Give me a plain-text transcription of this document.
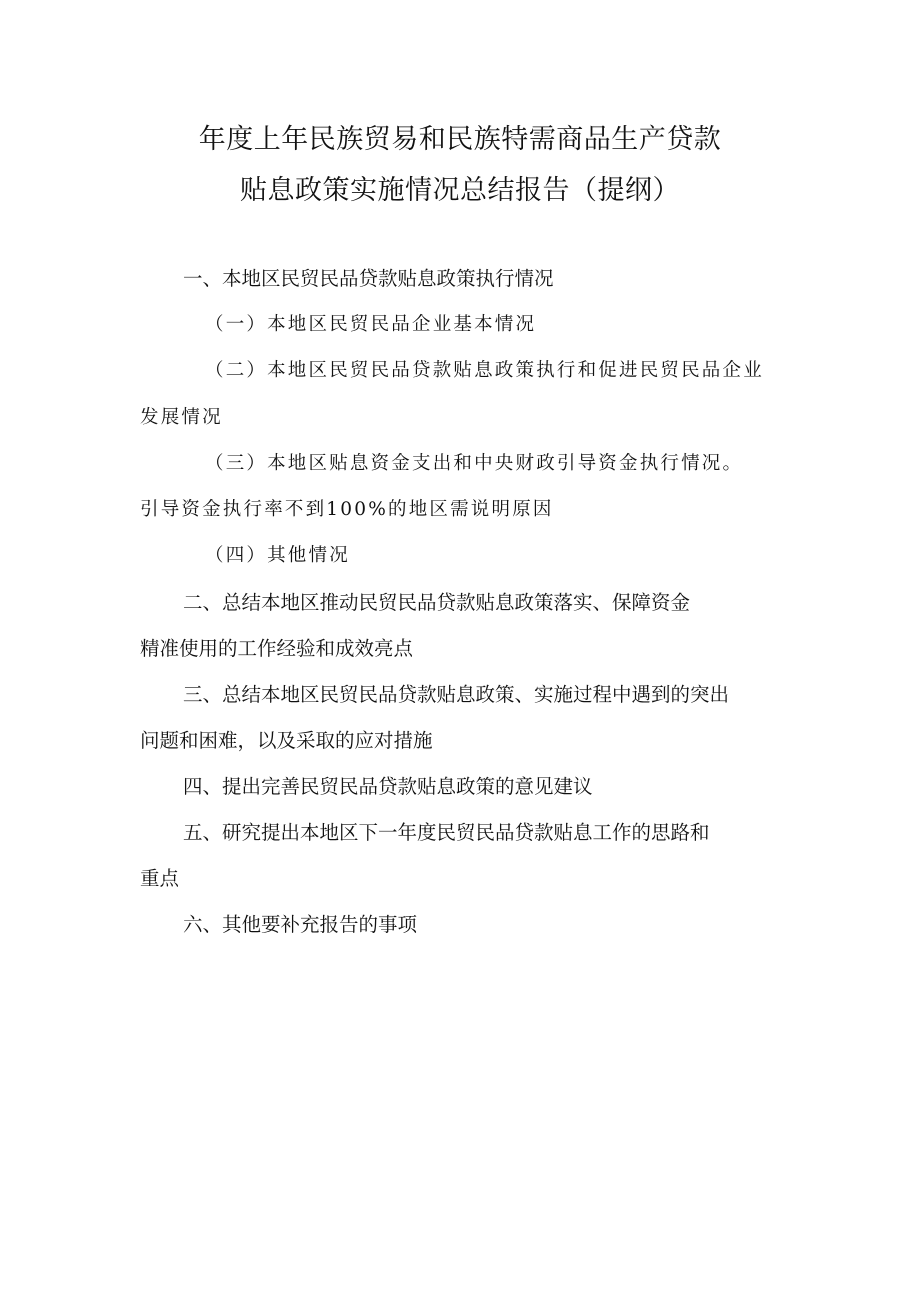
年度上年民族贸易和民族特需商品生产贷款
贴息政策实施情况总结报告（提纲）
一、本地区民贸民品贷款贴息政策执行情况
（一）本地区民贸民品企业基本情况
（二）本地区民贸民品贷款贴息政策执行和促进民贸民品企业
发展情况
（三）本地区贴息资金支出和中央财政引导资金执行情况。
引导资金执行率不到100%的地区需说明原因
（四）其他情况
二、总结本地区推动民贸民品贷款贴息政策落实、保障资金
精准使用的工作经验和成效亮点
三、总结本地区民贸民品贷款贴息政策、实施过程中遇到的突出
问题和困难，以及采取的应对措施
四、提出完善民贸民品贷款贴息政策的意见建议
五、研究提出本地区下一年度民贸民品贷款贴息工作的思路和
重点
六、其他要补充报告的事项
